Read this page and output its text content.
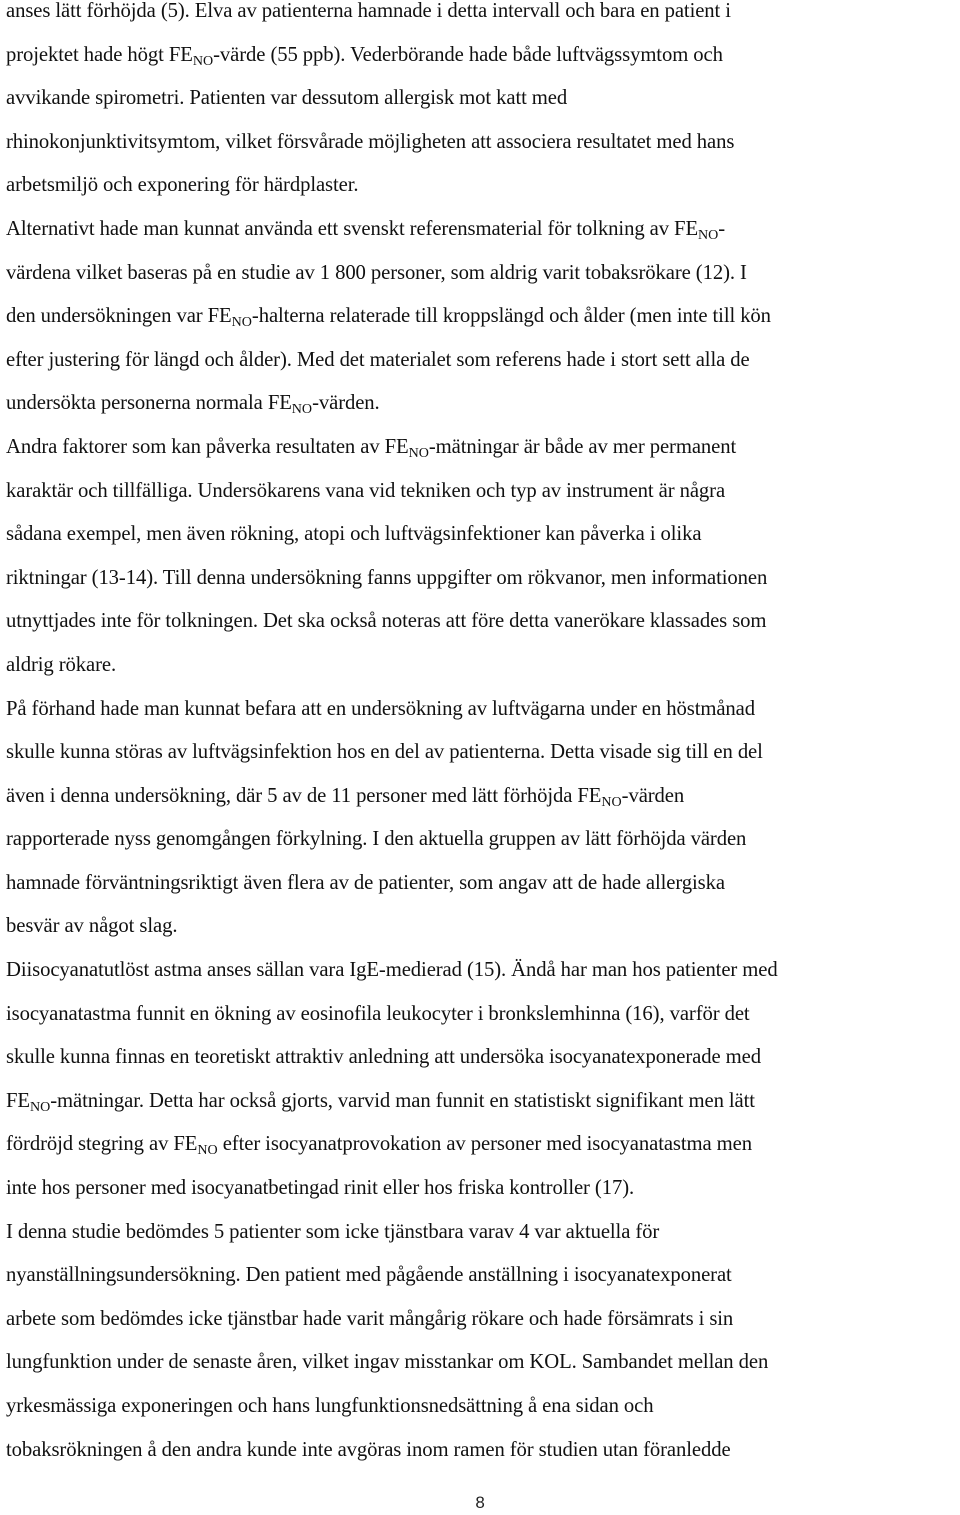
anses lätt förhöjda (5). Elva av patienterna hamnade i detta intervall och bara en patient i
projektet hade högt $FE_{NO}$-värde (55 ppb). Vederbörande hade både luftvägssymtom och
avvikande spirometri. Patienten var dessutom allergisk mot katt med
rhinokonjunktivitsymtom, vilket försvårade möjligheten att associera resultatet med hans
arbetsmiljö och exponering för härdplaster.

Alternativt hade man kunnat använda ett svenskt referensmaterial för tolkning av $FE_{NO}-$
värdena vilket baseras på en studie av 1 800 personer, som aldrig varit tobaksrökare (12). I
den undersökningen var $FE_{NO}$-halterna relaterade till kroppslängd och ålder (men inte till kön
efter justering för längd och ålder). Med det materialet som referens hade i stort sett alla de
undersökta personerna normala $FE_{NO}$-värden.

Andra faktorer som kan påverka resultaten av $FE_{NO}$-mätningar är både av mer permanent
karaktär och tillfälliga. Undersökarens vana vid tekniken och typ av instrument är några
sådana exempel, men även rökning, atopi och luftvägsinfektioner kan påverka i olika
riktningar (13-14). Till denna undersökning fanns uppgifter om rökvanor, men informationen
utnyttjades inte för tolkningen. Det ska också noteras att före detta vanerökare klassades som
aldrig rökare.

På förhand hade man kunnat befara att en undersökning av luftvägarna under en höstmånad
skulle kunna störas av luftvägsinfektion hos en del av patienterna. Detta visade sig till en del
även i denna undersökning, där 5 av de 11 personer med lätt förhöjda $FE_{NO}$-värden
rapporterade nyss genomgången förkylning. I den aktuella gruppen av lätt förhöjda värden
hamnade förväntningsriktigt även flera av de patienter, som angav att de hade allergiska
besvär av något slag.

Diisocyanatutlöst astma anses sällan vara IgE-medierad (15). Ändå har man hos patienter med
isocyanatastma funnit en ökning av eosinofila leukocyter i bronkslemhinna (16), varför det
skulle kunna finnas en teoretiskt attraktiv anledning att undersöka isocyanatexponerade med
$FE_{NO}$-mätningar. Detta har också gjorts, varvid man funnit en statistiskt signifikant men lätt
fördröjd stegring av $FE_{NO}$ efter isocyanatprovokation av personer med isocyanatastma men
inte hos personer med isocyanatbetingad rinit eller hos friska kontroller (17).

I denna studie bedömdes 5 patienter som icke tjänstbara varav 4 var aktuella för
nyanställningsundersökning. Den patient med pågående anställning i isocyanatexponerat
arbete som bedömdes icke tjänstbar hade varit mångårig rökare och hade försämrats i sin
lungfunktion under de senaste åren, vilket ingav misstankar om KOL. Sambandet mellan den
yrkesmässiga exponeringen och hans lungfunktionsnedsättning å ena sidan och
tobaksrökningen å den andra kunde inte avgöras inom ramen för studien utan föranledde

8
